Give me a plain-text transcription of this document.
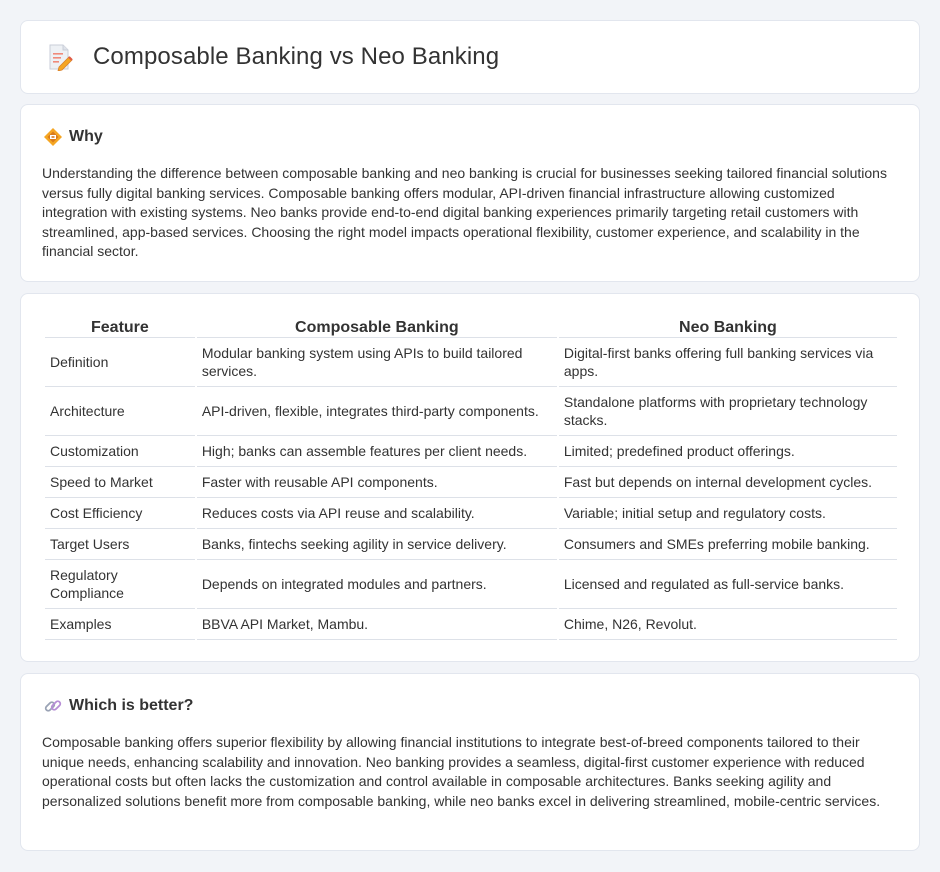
Composable Banking vs Neo Banking
Why

Understanding the difference between composable banking and neo banking is crucial for businesses seeking tailored financial solutions versus fully digital banking services. Composable banking offers modular, API-driven financial infrastructure allowing customized integration with existing systems. Neo banks provide end-to-end digital banking experiences primarily targeting retail customers with streamlined, app-based services. Choosing the right model impacts operational flexibility, customer experience, and scalability in the financial sector.

Feature	Composable Banking	Neo Banking
Definition	Modular banking system using APIs to build tailored services.	Digital-first banks offering full banking services via apps.
Architecture	API-driven, flexible, integrates third-party components.	Standalone platforms with proprietary technology stacks.
Customization	High; banks can assemble features per client needs.	Limited; predefined product offerings.
Speed to Market	Faster with reusable API components.	Fast but depends on internal development cycles.
Cost Efficiency	Reduces costs via API reuse and scalability.	Variable; initial setup and regulatory costs.
Target Users	Banks, fintechs seeking agility in service delivery.	Consumers and SMEs preferring mobile banking.
Regulatory Compliance	Depends on integrated modules and partners.	Licensed and regulated as full-service banks.
Examples	BBVA API Market, Mambu.	Chime, N26, Revolut.
Which is better?

Composable banking offers superior flexibility by allowing financial institutions to integrate best-of-breed components tailored to their unique needs, enhancing scalability and innovation. Neo banking provides a seamless, digital-first customer experience with reduced operational costs but often lacks the customization and control available in composable architectures. Banks seeking agility and personalized solutions benefit more from composable banking, while neo banks excel in delivering streamlined, mobile-centric services.
